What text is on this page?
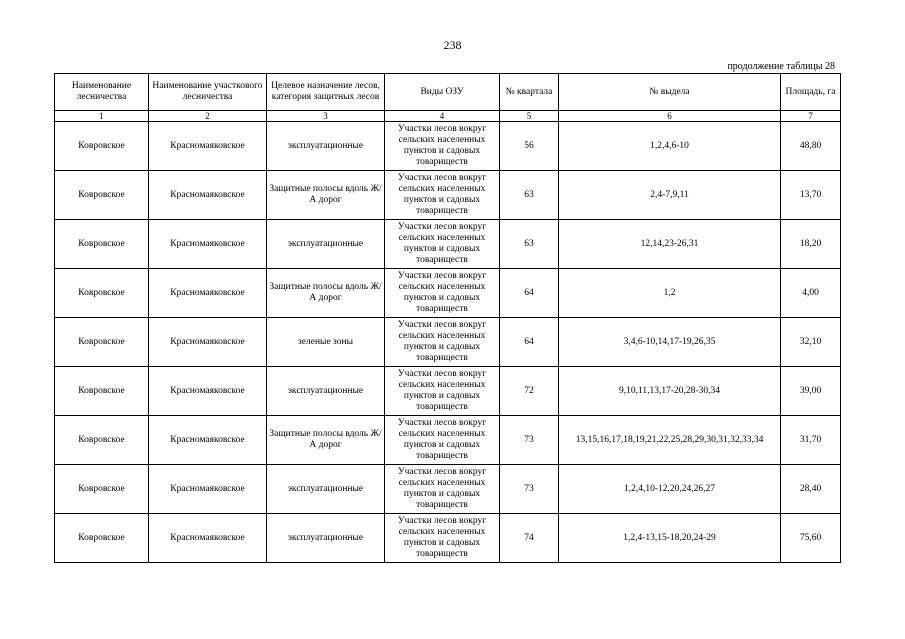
238
продолжение таблицы 28
Наименование лесничества	Наименование участкового лесничества	Целевое назначение лесов, категория защитных лесов	Виды ОЗУ	№ квартала	№ выдела	Площадь, га
1	2	3	4	5	6	7
Ковровское	Красномаяковское	эксплуатационные	Участки лесов вокруг сельских населенных пунктов и садовых товариществ	56	1,2,4,6-10	48,80
Ковровское	Красномаяковское	Защитные полосы вдоль Ж/А дорог	Участки лесов вокруг сельских населенных пунктов и садовых товариществ	63	2,4-7,9,11	13,70
Ковровское	Красномаяковское	эксплуатационные	Участки лесов вокруг сельских населенных пунктов и садовых товариществ	63	12,14,23-26,31	18,20
Ковровское	Красномаяковское	Защитные полосы вдоль Ж/А дорог	Участки лесов вокруг сельских населенных пунктов и садовых товариществ	64	1,2	4,00
Ковровское	Красномаяковское	зеленые зоны	Участки лесов вокруг сельских населенных пунктов и садовых товариществ	64	3,4,6-10,14,17-19,26,35	32,10
Ковровское	Красномаяковское	эксплуатационные	Участки лесов вокруг сельских населенных пунктов и садовых товариществ	72	9,10,11,13,17-20,28-30,34	39,00
Ковровское	Красномаяковское	Защитные полосы вдоль Ж/А дорог	Участки лесов вокруг сельских населенных пунктов и садовых товариществ	73	13,15,16,17,18,19,21,22,25,28,29,30,31,32,33,34	31,70
Ковровское	Красномаяковское	эксплуатационные	Участки лесов вокруг сельских населенных пунктов и садовых товариществ	73	1,2,4,10-12,20,24,26,27	28,40
Ковровское	Красномаяковское	эксплуатационные	Участки лесов вокруг сельских населенных пунктов и садовых товариществ	74	1,2,4-13,15-18,20,24-29	75,60
